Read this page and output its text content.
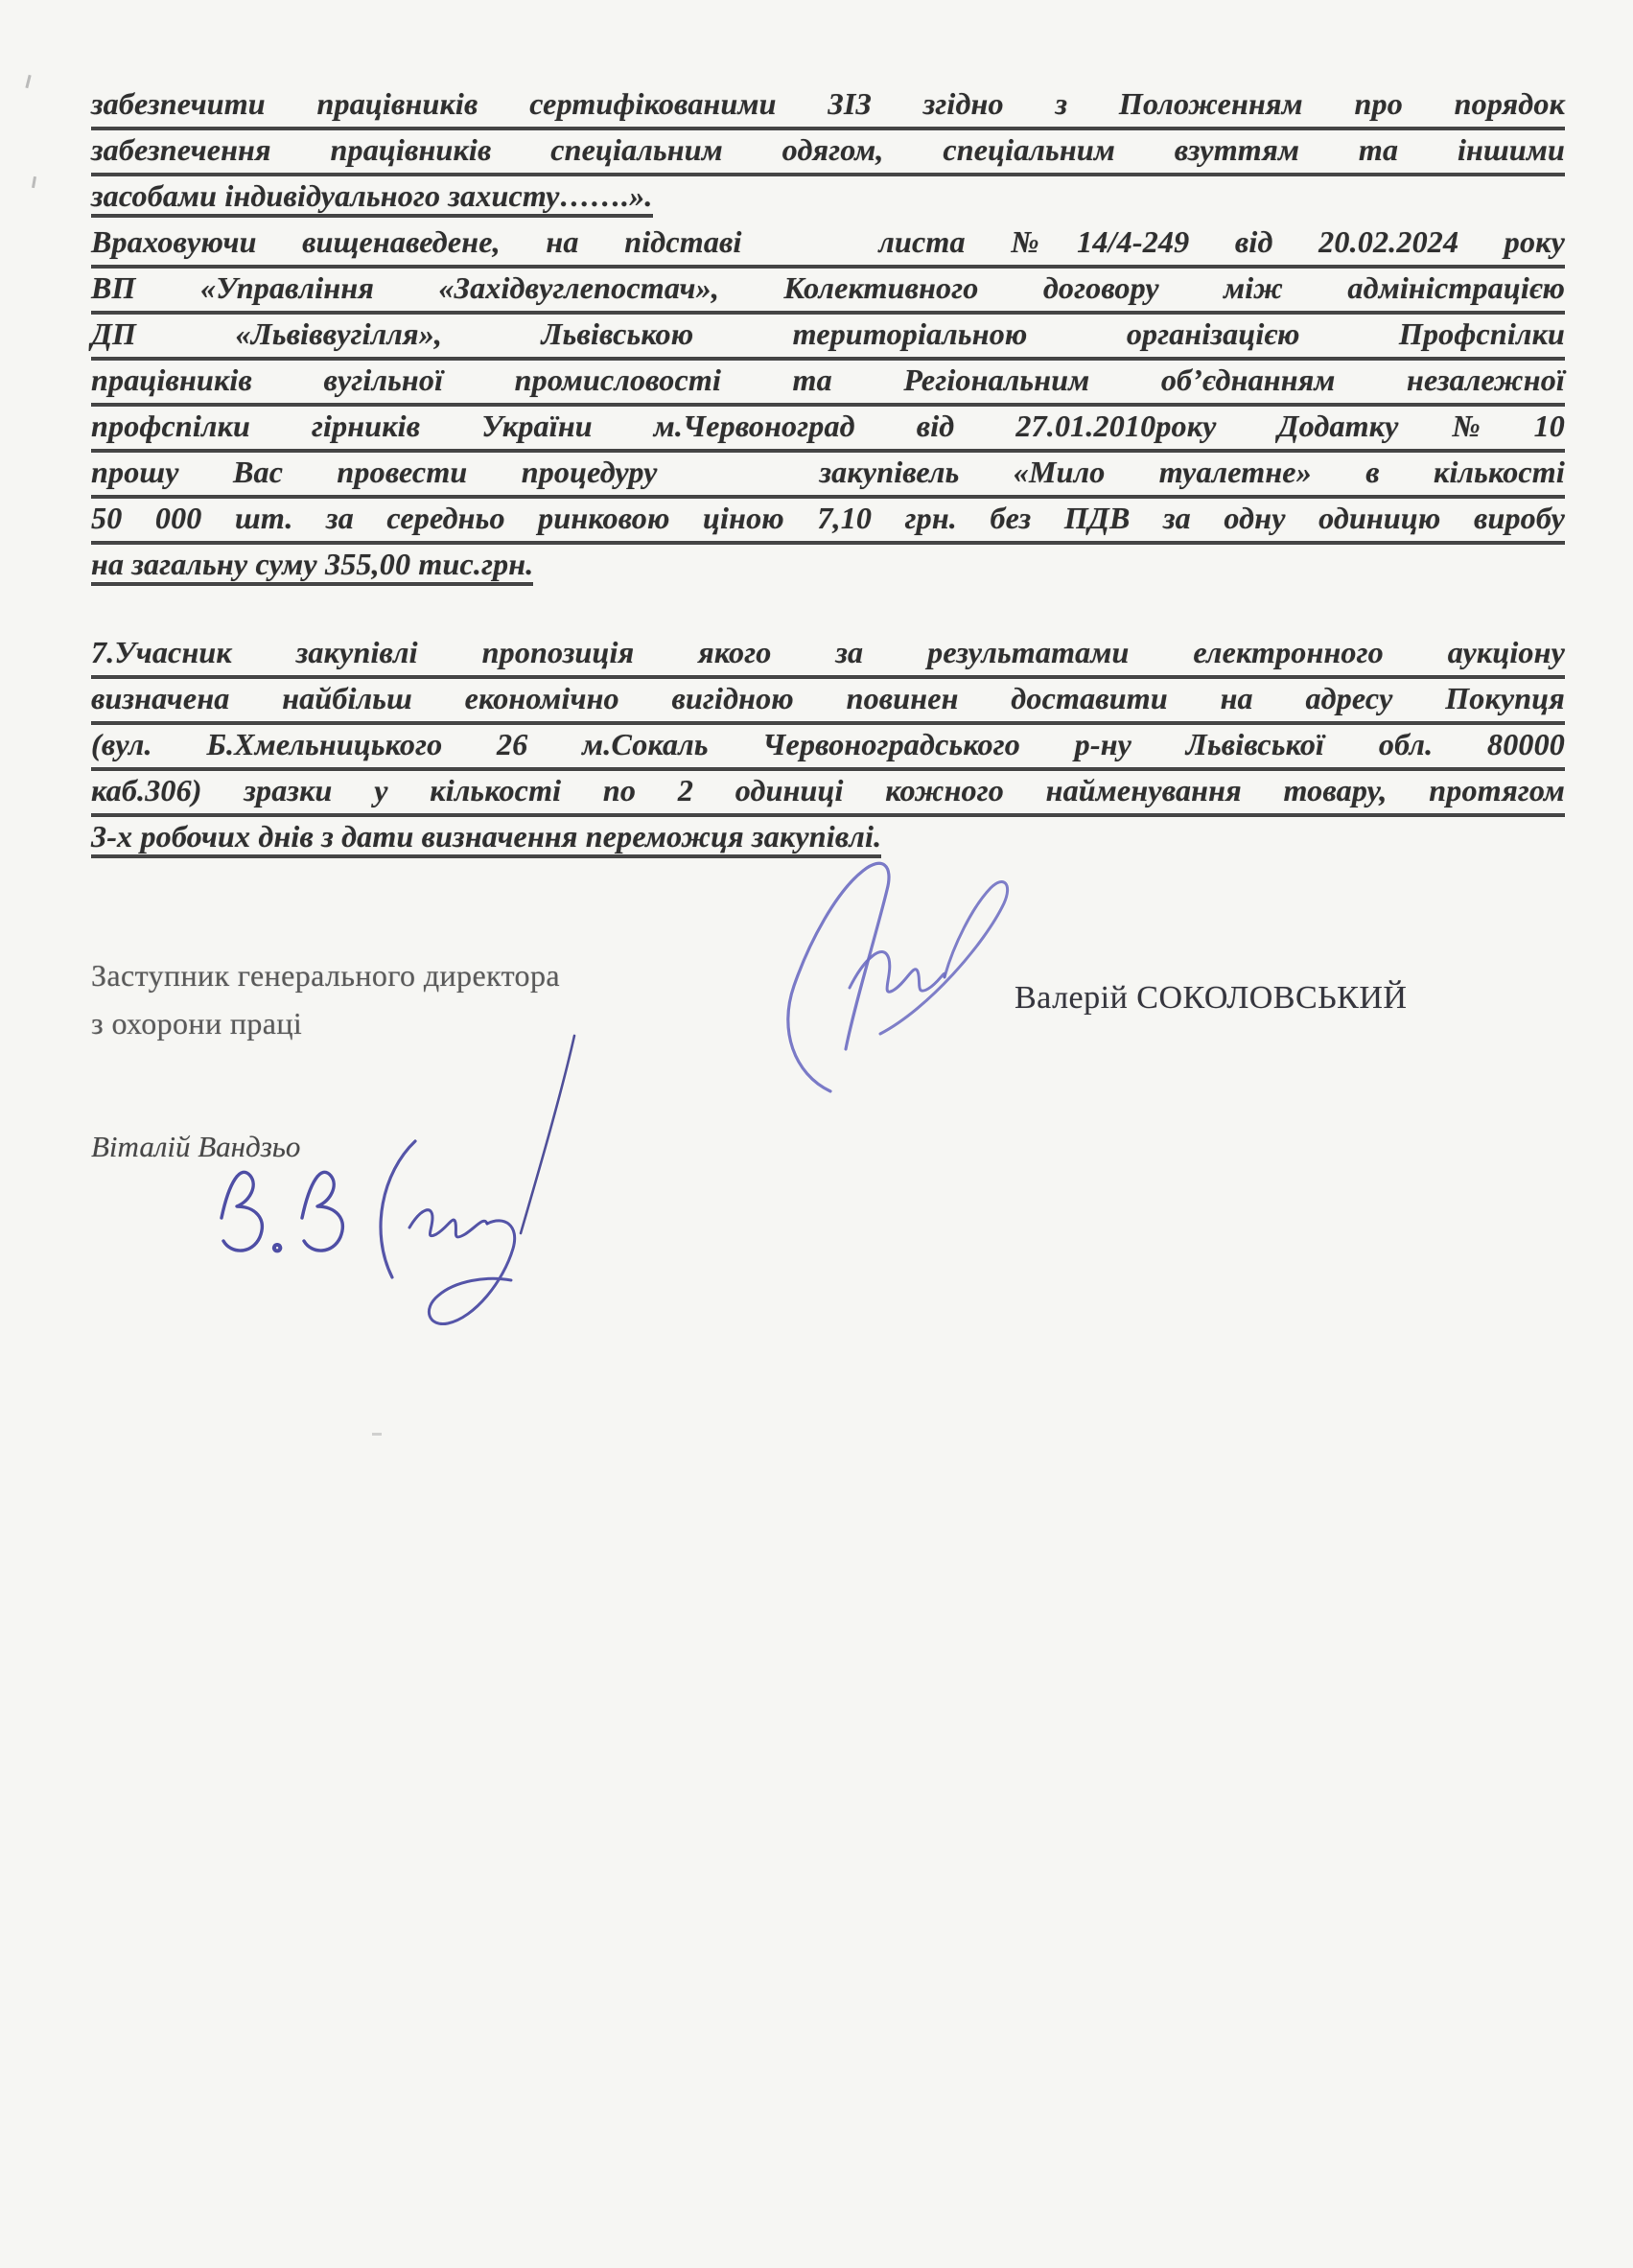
забезпечити працівників сертифікованими ЗІЗ згідно з Положенням про порядок
забезпечення працівників спеціальним одягом, спеціальним взуттям та іншими
засобами індивідуального захисту…….».
Враховуючи вищенаведене, на підставі   листа №14/4-249 від 20.02.2024 року
ВП «Управління «Західвуглепостач», Колективного договору між адміністрацією
ДП «Львіввугілля», Львівською територіальною організацією Профспілки
працівників вугільної промисловості та Регіональним об’єднанням незалежної
профспілки гірників України м.Червоноград від 27.01.2010року Додатку№10
прошу Вас провести процедуру   закупівель «Мило туалетне» в кількості
50 000 шт. за середньо ринковою ціною 7,10 грн. без ПДВ за одну одиницю виробу
на загальну суму 355,00 тис.грн.
7.Учасник закупівлі пропозиція якого за результатами електронного аукціону
визначена найбільш економічно вигідною повинен доставити на адресу Покупця
(вул. Б.Хмельницького 26 м.Сокаль Червоноградського р-ну Львівської обл. 80000
каб.306) зразки у кількості по 2 одиниці кожного найменування товару, протягом
3-х робочих днів з дати визначення переможця закупівлі.
Заступник генерального директора
з охорони праці
Валерій СОКОЛОВСЬКИЙ
Віталій Вандзьо
